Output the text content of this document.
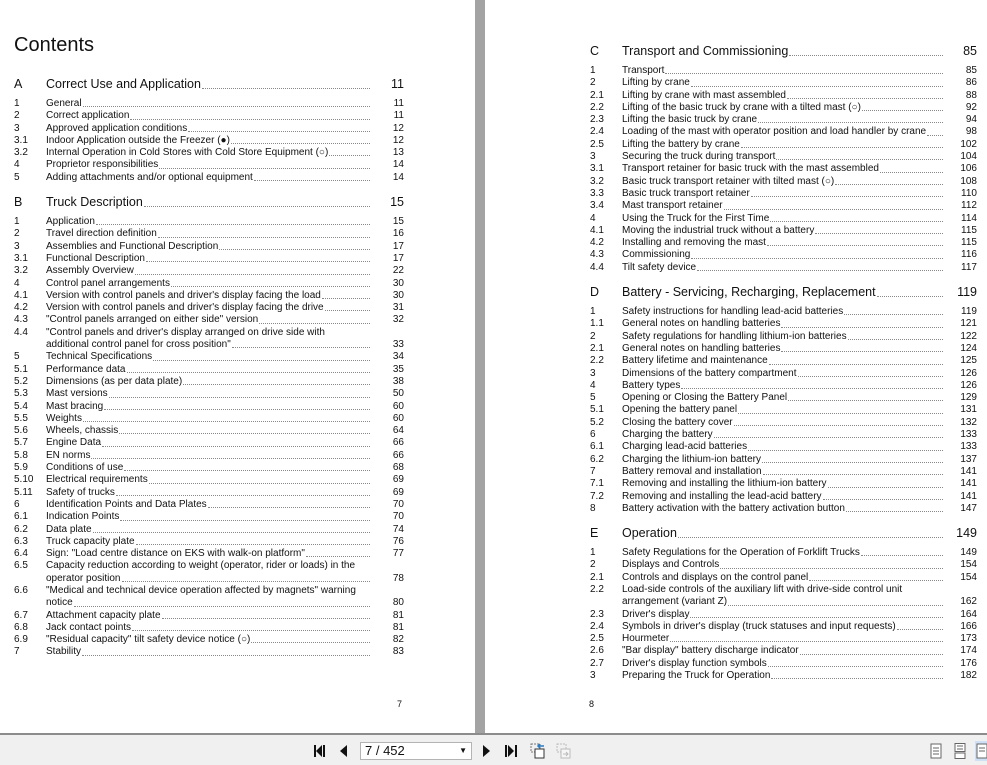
Contents
A	Correct Use and Application	11
1	General	11
2	Correct application	11
3	Approved application conditions	12
3.1	Indoor Application outside the Freezer (●)	12
3.2	Internal Operation in Cold Stores with Cold Store Equipment (○)	13
4	Proprietor responsibilities	14
5	Adding attachments and/or optional equipment	14
B	Truck Description	15
1	Application	15
2	Travel direction definition	16
3	Assemblies and Functional Description	17
3.1	Functional Description	17
3.2	Assembly Overview	22
4	Control panel arrangements	30
4.1	Version with control panels and driver's display facing the load	30
4.2	Version with control panels and driver's display facing the drive	31
4.3	"Control panels arranged on either side" version	32
4.4	"Control panels and driver's display arranged on drive side with
additional control panel for cross position"	33
5	Technical Specifications	34
5.1	Performance data	35
5.2	Dimensions (as per data plate)	38
5.3	Mast versions	50
5.4	Mast bracing	60
5.5	Weights	60
5.6	Wheels, chassis	64
5.7	Engine Data	66
5.8	EN norms	66
5.9	Conditions of use	68
5.10	Electrical requirements	69
5.11	Safety of trucks	69
6	Identification Points and Data Plates	70
6.1	Indication Points	70
6.2	Data plate	74
6.3	Truck capacity plate	76
6.4	Sign: "Load centre distance on EKS with walk-on platform"	77
6.5	Capacity reduction according to weight (operator, rider or loads) in the
operator position	78
6.6	"Medical and technical device operation affected by magnets" warning
notice	80
6.7	Attachment capacity plate	81
6.8	Jack contact points	81
6.9	"Residual capacity" tilt safety device notice (○)	82
7	Stability	83
7
C	Transport and Commissioning	85
1	Transport	85
2	Lifting by crane	86
2.1	Lifting by crane with mast assembled	88
2.2	Lifting of the basic truck by crane with a tilted mast (○)	92
2.3	Lifting the basic truck by crane	94
2.4	Loading of the mast with operator position and load handler by crane	98
2.5	Lifting the battery by crane	102
3	Securing the truck during transport	104
3.1	Transport retainer for basic truck with the mast assembled	106
3.2	Basic truck transport retainer with tilted mast (○)	108
3.3	Basic truck transport retainer	110
3.4	Mast transport retainer	112
4	Using the Truck for the First Time	114
4.1	Moving the industrial truck without a battery	115
4.2	Installing and removing the mast	115
4.3	Commissioning	116
4.4	Tilt safety device	117
D	Battery - Servicing, Recharging, Replacement	119
1	Safety instructions for handling lead-acid batteries	119
1.1	General notes on handling batteries	121
2	Safety regulations for handling lithium-ion batteries	122
2.1	General notes on handling batteries	124
2.2	Battery lifetime and maintenance	125
3	Dimensions of the battery compartment	126
4	Battery types	126
5	Opening or Closing the Battery Panel	129
5.1	Opening the battery panel	131
5.2	Closing the battery cover	132
6	Charging the battery	133
6.1	Charging lead-acid batteries	133
6.2	Charging the lithium-ion battery	137
7	Battery removal and installation	141
7.1	Removing and installing the lithium-ion battery	141
7.2	Removing and installing the lead-acid battery	141
8	Battery activation with the battery activation button	147
E	Operation	149
1	Safety Regulations for the Operation of Forklift Trucks	149
2	Displays and Controls	154
2.1	Controls and displays on the control panel	154
2.2	Load-side controls of the auxiliary lift with drive-side control unit
arrangement (variant Z)	162
2.3	Driver's display	164
2.4	Symbols in driver's display (truck statuses and input requests)	166
2.5	Hourmeter	173
2.6	"Bar display" battery discharge indicator	174
2.7	Driver's display function symbols	176
3	Preparing the Truck for Operation	182
8
7 / 452	▼
